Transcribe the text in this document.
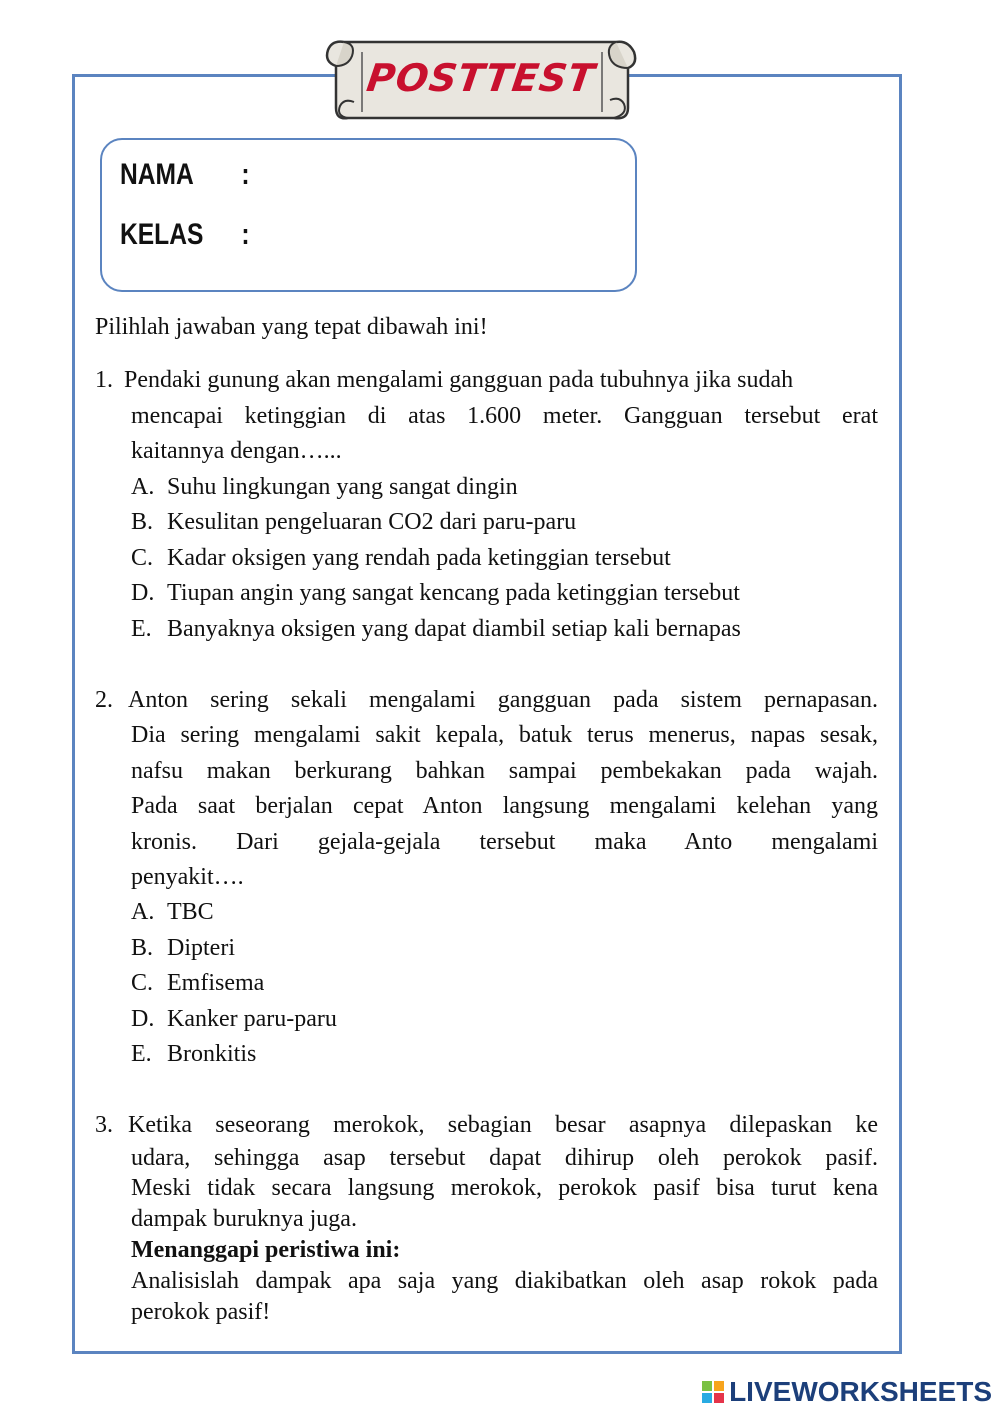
POSTTEST
NAMA :
KELAS :
Pilihlah jawaban yang tepat dibawah ini!
1. Pendaki gunung akan mengalami gangguan pada tubuhnya jika sudah
mencapai ketinggian di atas 1.600 meter. Gangguan tersebut erat
kaitannya dengan…...
A. Suhu lingkungan yang sangat dingin
B. Kesulitan pengeluaran CO2 dari paru-paru
C. Kadar oksigen yang rendah pada ketinggian tersebut
D. Tiupan angin yang sangat kencang pada ketinggian tersebut
E. Banyaknya oksigen yang dapat diambil setiap kali bernapas
2. Anton sering sekali mengalami gangguan pada sistem pernapasan.
Dia sering mengalami sakit kepala, batuk terus menerus, napas sesak,
nafsu makan berkurang bahkan sampai pembekakan pada wajah.
Pada saat berjalan cepat Anton langsung mengalami kelehan yang
kronis. Dari gejala-gejala tersebut maka Anto mengalami
penyakit….
A. TBC
B. Dipteri
C. Emfisema
D. Kanker paru-paru
E. Bronkitis
3. Ketika seseorang merokok, sebagian besar asapnya dilepaskan ke
udara, sehingga asap tersebut dapat dihirup oleh perokok pasif.
Meski tidak secara langsung merokok, perokok pasif bisa turut kena
dampak buruknya juga.
Menanggapi peristiwa ini:
Analisislah dampak apa saja yang diakibatkan oleh asap rokok pada
perokok pasif!
LIVEWORKSHEETS
